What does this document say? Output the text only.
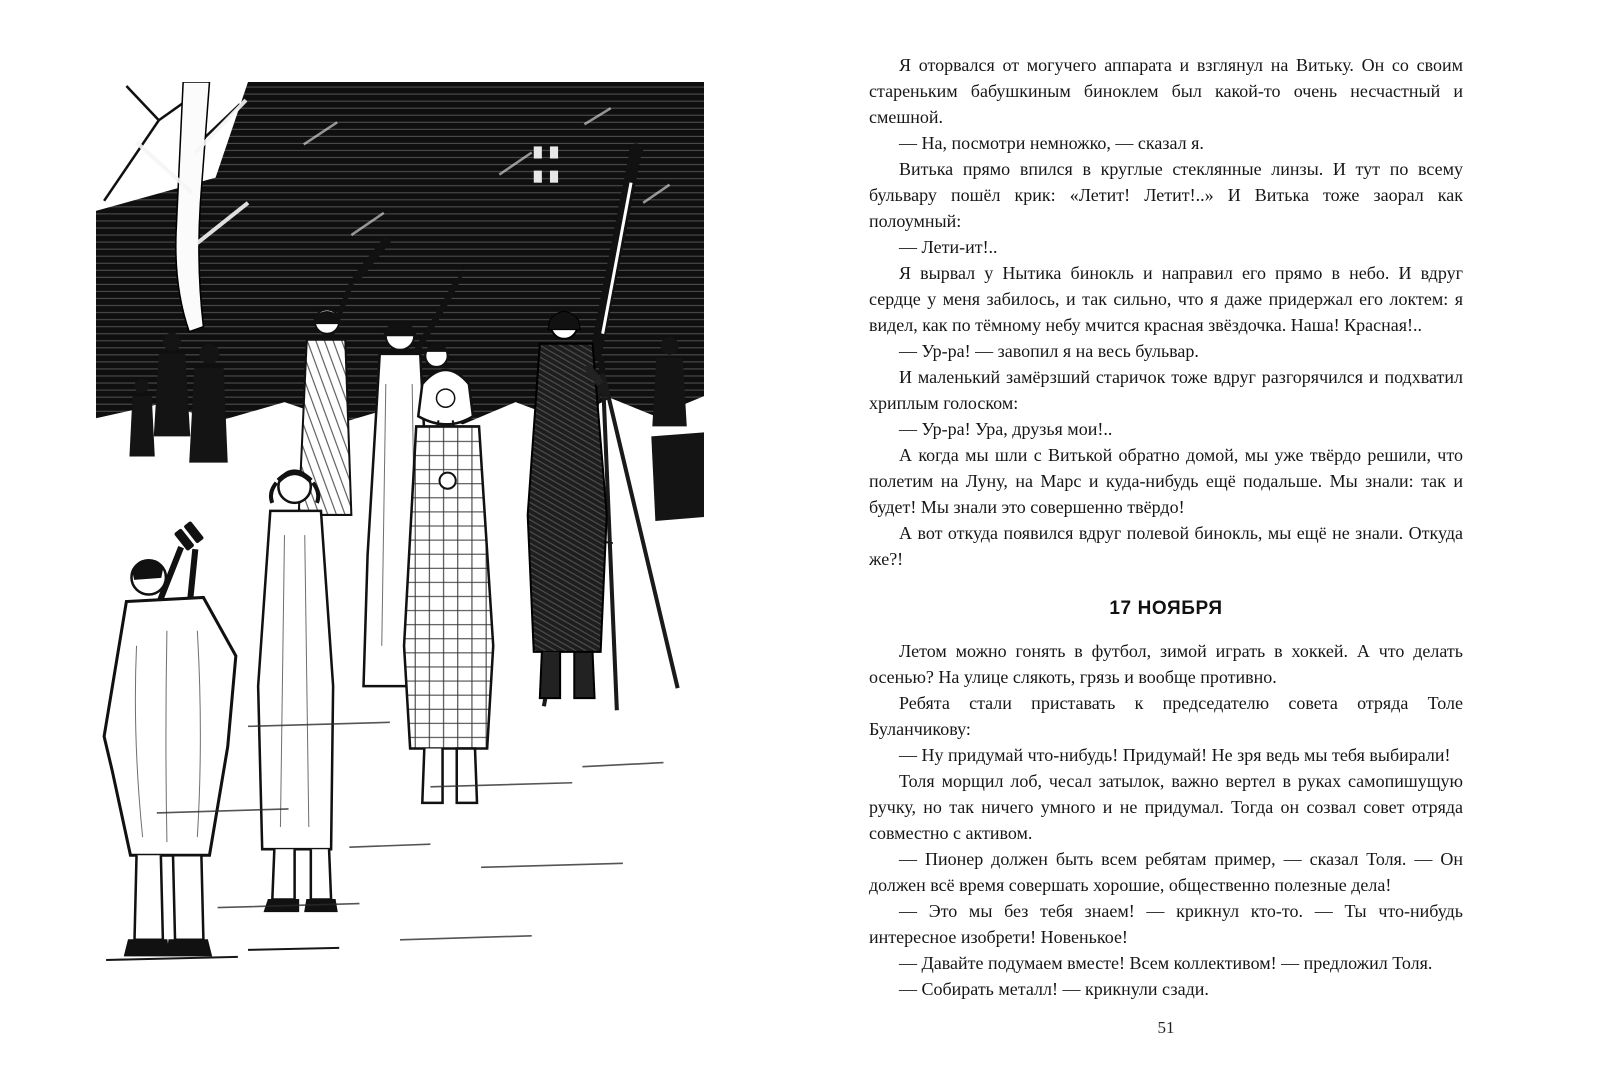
Я оторвался от могучего аппарата и взглянул на Витьку. Он со своим стареньким бабушкиным биноклем был какой-то очень несчастный и смешной.

— На, посмотри немножко, — сказал я.

Витька прямо впился в круглые стеклянные линзы. И тут по всему бульвару пошёл крик: «Летит! Летит!..» И Витька тоже заорал как полоумный:

— Лети-ит!..

Я вырвал у Нытика бинокль и направил его прямо в небо. И вдруг сердце у меня забилось, и так сильно, что я даже придержал его локтем: я видел, как по тёмному небу мчится красная звёздочка. Наша! Красная!..

— Ур-ра! — завопил я на весь бульвар.

И маленький замёрзший старичок тоже вдруг разгорячился и подхватил хриплым голоском:

— Ур-ра! Ура, друзья мои!..

А когда мы шли с Витькой обратно домой, мы уже твёрдо решили, что полетим на Луну, на Марс и куда-нибудь ещё подальше. Мы знали: так и будет! Мы знали это совершенно твёрдо!

А вот откуда появился вдруг полевой бинокль, мы ещё не знали. Откуда же?!

17 НОЯБРЯ

Летом можно гонять в футбол, зимой играть в хоккей. А что делать осенью? На улице слякоть, грязь и вообще противно.

Ребята стали приставать к председателю совета отряда Толе Буланчикову:

— Ну придумай что-нибудь! Придумай! Не зря ведь мы тебя выбирали!

Толя морщил лоб, чесал затылок, важно вертел в руках самопишущую ручку, но так ничего умного и не придумал. Тогда он созвал совет отряда совместно с активом.

— Пионер должен быть всем ребятам пример, — сказал Толя. — Он должен всё время совершать хорошие, общественно полезные дела!

— Это мы без тебя знаем! — крикнул кто-то. — Ты что-нибудь интересное изобрети! Новенькое!

— Давайте подумаем вместе! Всем коллективом! — предложил Толя.

— Собирать металл! — крикнули сзади.

51
